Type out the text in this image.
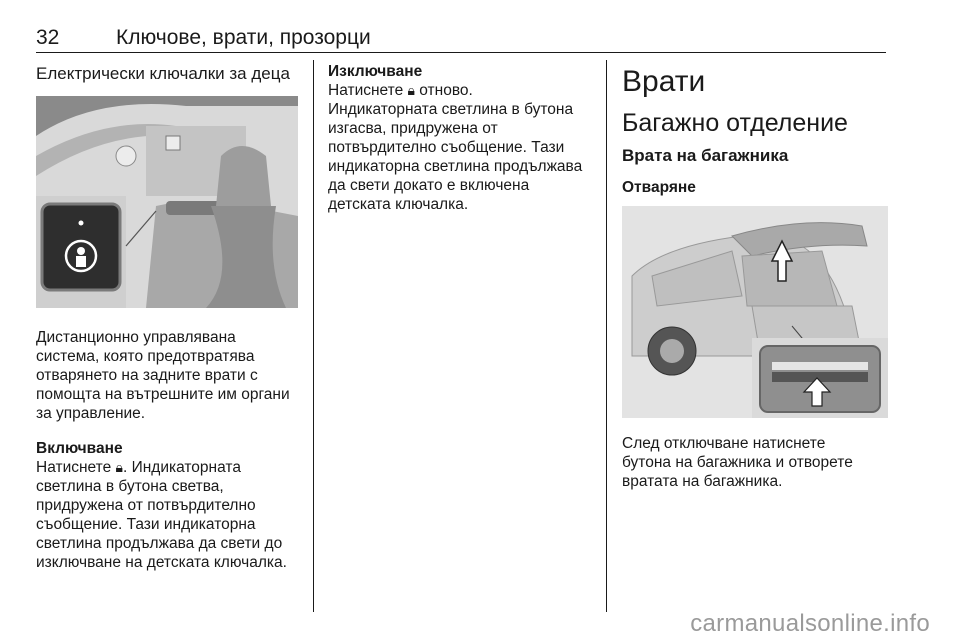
32	Ключове, врати, прозорци

Електрически ключалки за деца

Дистанционно управлявана

система, която предотвратява

отварянето на задните врати с

помощта на вътрешните им органи

за управление.

Включване

Натиснете 🔒︎. Индикаторната

светлина в бутона светва,

придружена от потвърдително

съобщение. Тази индикаторна

светлина продължава да свети до

изключване на детската ключалка.

Изключване

Натиснете 🔒︎ отново.

Индикаторната светлина в бутона

изгасва, придружена от

потвърдително съобщение. Тази

индикаторна светлина продължава

да свети докато е включена

детската ключалка.

Врати

Багажно отделение

Врата на багажника

Отваряне

След отключване натиснете

бутона на багажника и отворете

вратата на багажника.

carmanualsonline.info
